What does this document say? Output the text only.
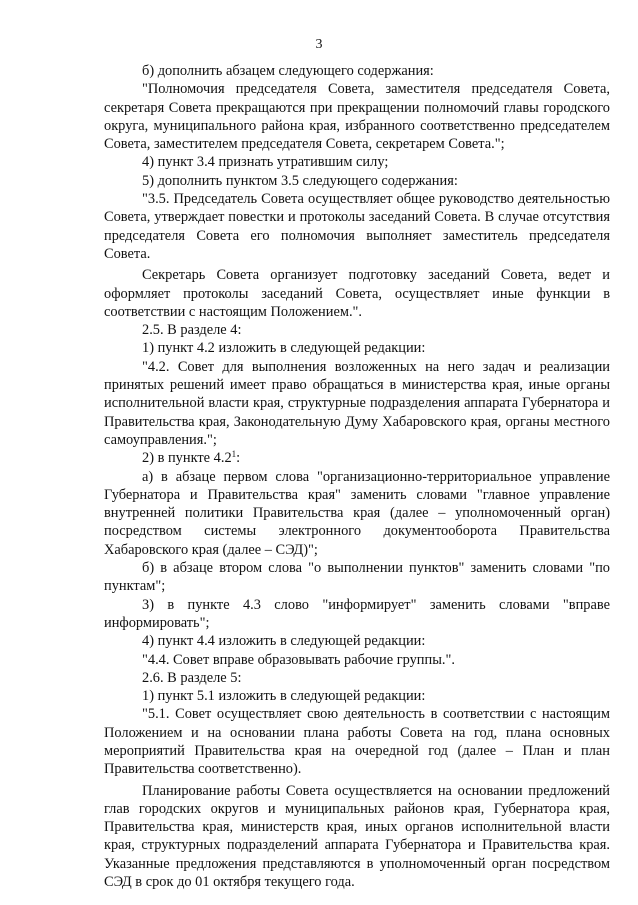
3

б) дополнить абзацем следующего содержания:

"Полномочия председателя Совета, заместителя председателя Совета, секретаря Совета прекращаются при прекращении полномочий главы городского округа, муниципального района края, избранного соответственно председателем Совета, заместителем председателя Совета, секретарем Совета.";

4) пункт 3.4 признать утратившим силу;

5) дополнить пунктом 3.5 следующего содержания:

"3.5. Председатель Совета осуществляет общее руководство деятельностью Совета, утверждает повестки и протоколы заседаний Совета. В случае отсутствия председателя Совета его полномочия выполняет заместитель председателя Совета.

Секретарь Совета организует подготовку заседаний Совета, ведет и оформляет протоколы заседаний Совета, осуществляет иные функции в соответствии с настоящим Положением.".

2.5. В разделе 4:

1) пункт 4.2 изложить в следующей редакции:

"4.2. Совет для выполнения возложенных на него задач и реализации принятых решений имеет право обращаться в министерства края, иные органы исполнительной власти края, структурные подразделения аппарата Губернатора и Правительства края, Законодательную Думу Хабаровского края, органы местного самоуправления.";

2) в пункте $4.2^1$:

а) в абзаце первом слова "организационно-территориальное управление Губернатора и Правительства края" заменить словами "главное управление внутренней политики Правительства края (далее – уполномоченный орган) посредством системы электронного документооборота Правительства Хабаровского края (далее – СЭД)";

б) в абзаце втором слова "о выполнении пунктов" заменить словами "по пунктам";

3) в пункте 4.3 слово "информирует" заменить словами "вправе информировать";

4) пункт 4.4 изложить в следующей редакции:

"4.4. Совет вправе образовывать рабочие группы.".

2.6. В разделе 5:

1) пункт 5.1 изложить в следующей редакции:

"5.1. Совет осуществляет свою деятельность в соответствии с настоящим Положением и на основании плана работы Совета на год, плана основных мероприятий Правительства края на очередной год (далее – План и план Правительства соответственно).

Планирование работы Совета осуществляется на основании предложений глав городских округов и муниципальных районов края, Губернатора края, Правительства края, министерств края, иных органов исполнительной власти края, структурных подразделений аппарата Губернатора и Правительства края. Указанные предложения представляются в уполномоченный орган посредством СЭД в срок до 01 октября текущего года.
